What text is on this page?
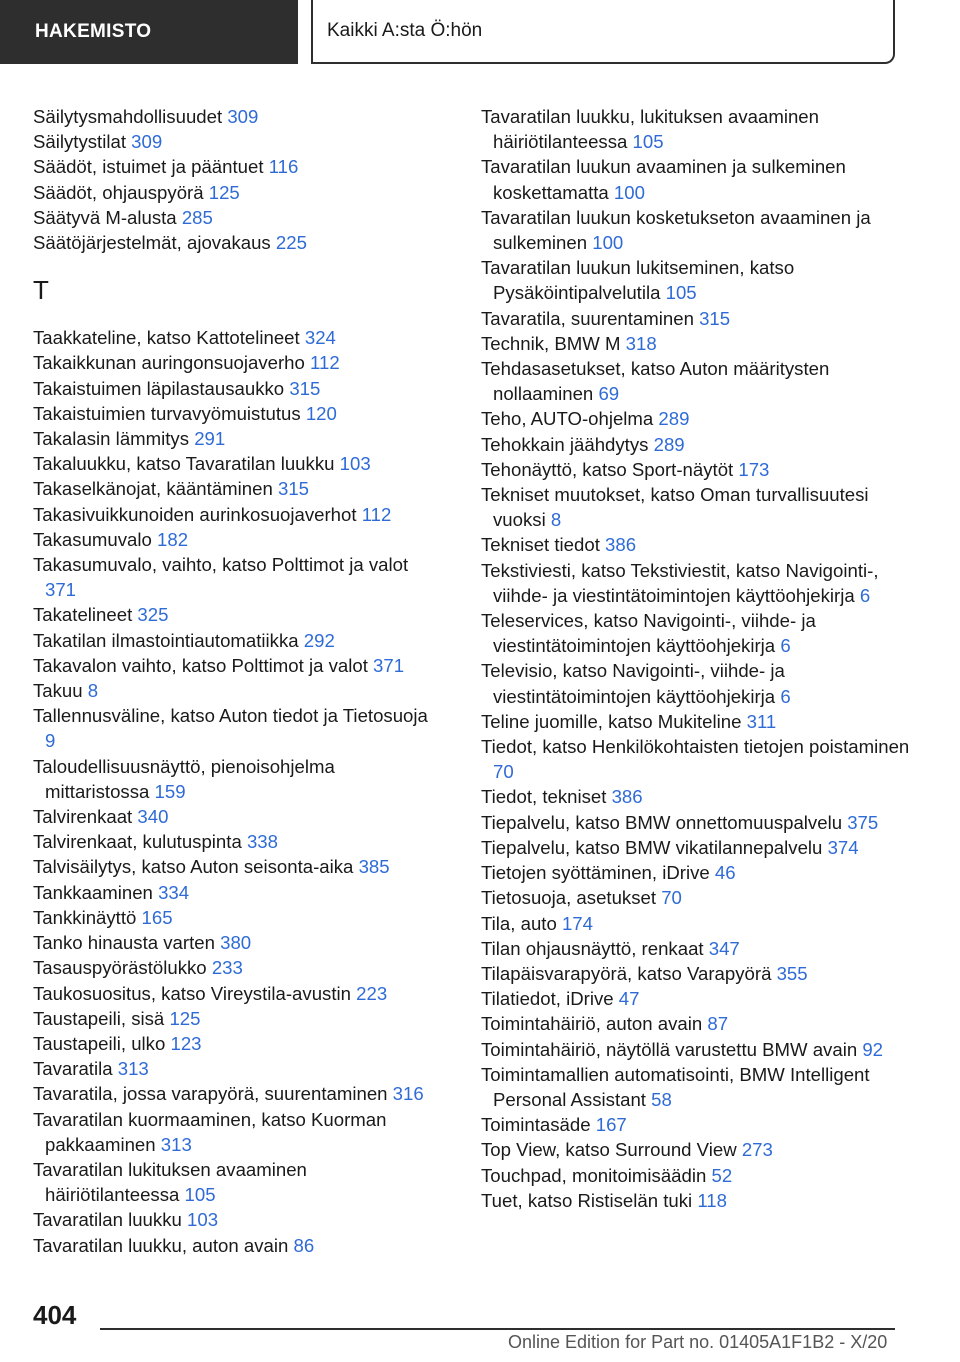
HAKEMISTO	Kaikki A:sta Ö:hön

Säilytysmahdollisuudet 309

Säilytystilat 309

Säädöt, istuimet ja pääntuet 116

Säädöt, ohjauspyörä 125

Säätyvä M-alusta 285

Säätöjärjestelmät, ajovakaus 225

T

Taakkateline, katso Kattotelineet 324

Takaikkunan auringonsuojaverho 112

Takaistuimen läpilastausaukko 315

Takaistuimien turvavyömuistutus 120

Takalasin lämmitys 291

Takaluukku, katso Tavaratilan luukku 103

Takaselkänojat, kääntäminen 315

Takasivuikkunoiden aurinkosuojaverhot 112

Takasumuvalo 182

Takasumuvalo, vaihto, katso Polttimot ja valot 371

Takatelineet 325

Takatilan ilmastointiautomatiikka 292

Takavalon vaihto, katso Polttimot ja valot 371

Takuu 8

Tallennusväline, katso Auton tiedot ja Tietosuoja 9

Taloudellisuusnäyttö, pienoisohjelma mittaristossa 159

Talvirenkaat 340

Talvirenkaat, kulutuspinta 338

Talvisäilytys, katso Auton seisonta-aika 385

Tankkaaminen 334

Tankkinäyttö 165

Tanko hinausta varten 380

Tasauspyörästölukko 233

Taukosuositus, katso Vireystila-avustin 223

Taustapeili, sisä 125

Taustapeili, ulko 123

Tavaratila 313

Tavaratila, jossa varapyörä, suurentaminen 316

Tavaratilan kuormaaminen, katso Kuorman pakkaaminen 313

Tavaratilan lukituksen avaaminen häiriötilanteessa 105

Tavaratilan luukku 103

Tavaratilan luukku, auton avain 86

Tavaratilan luukku, lukituksen avaaminen häiriötilanteessa 105

Tavaratilan luukun avaaminen ja sulkeminen koskettamatta 100

Tavaratilan luukun kosketukseton avaaminen ja sulkeminen 100

Tavaratilan luukun lukitseminen, katso Pysäköintipalvelutila 105

Tavaratila, suurentaminen 315

Technik, BMW M 318

Tehdasasetukset, katso Auton määritysten nollaaminen 69

Teho, AUTO-ohjelma 289

Tehokkain jäähdytys 289

Tehonäyttö, katso Sport-näytöt 173

Tekniset muutokset, katso Oman turvallisuutesi vuoksi 8

Tekniset tiedot 386

Tekstiviesti, katso Tekstiviestit, katso Navigointi-, viihde- ja viestintätoimintojen käyttöohjekirja 6

Teleservices, katso Navigointi-, viihde- ja viestintätoimintojen käyttöohjekirja 6

Televisio, katso Navigointi-, viihde- ja viestintätoimintojen käyttöohjekirja 6

Teline juomille, katso Mukiteline 311

Tiedot, katso Henkilökohtaisten tietojen poistaminen 70

Tiedot, tekniset 386

Tiepalvelu, katso BMW onnettomuuspalvelu 375

Tiepalvelu, katso BMW vikatilannepalvelu 374

Tietojen syöttäminen, iDrive 46

Tietosuoja, asetukset 70

Tila, auto 174

Tilan ohjausnäyttö, renkaat 347

Tilapäisvarapyörä, katso Varapyörä 355

Tilatiedot, iDrive 47

Toimintahäiriö, auton avain 87

Toimintahäiriö, näytöllä varustettu BMW avain 92

Toimintamallien automatisointi, BMW Intelligent Personal Assistant 58

Toimintasäde 167

Top View, katso Surround View 273

Touchpad, monitoimisäädin 52

Tuet, katso Ristiselän tuki 118

404
Online Edition for Part no. 01405A1F1B2 - X/20
